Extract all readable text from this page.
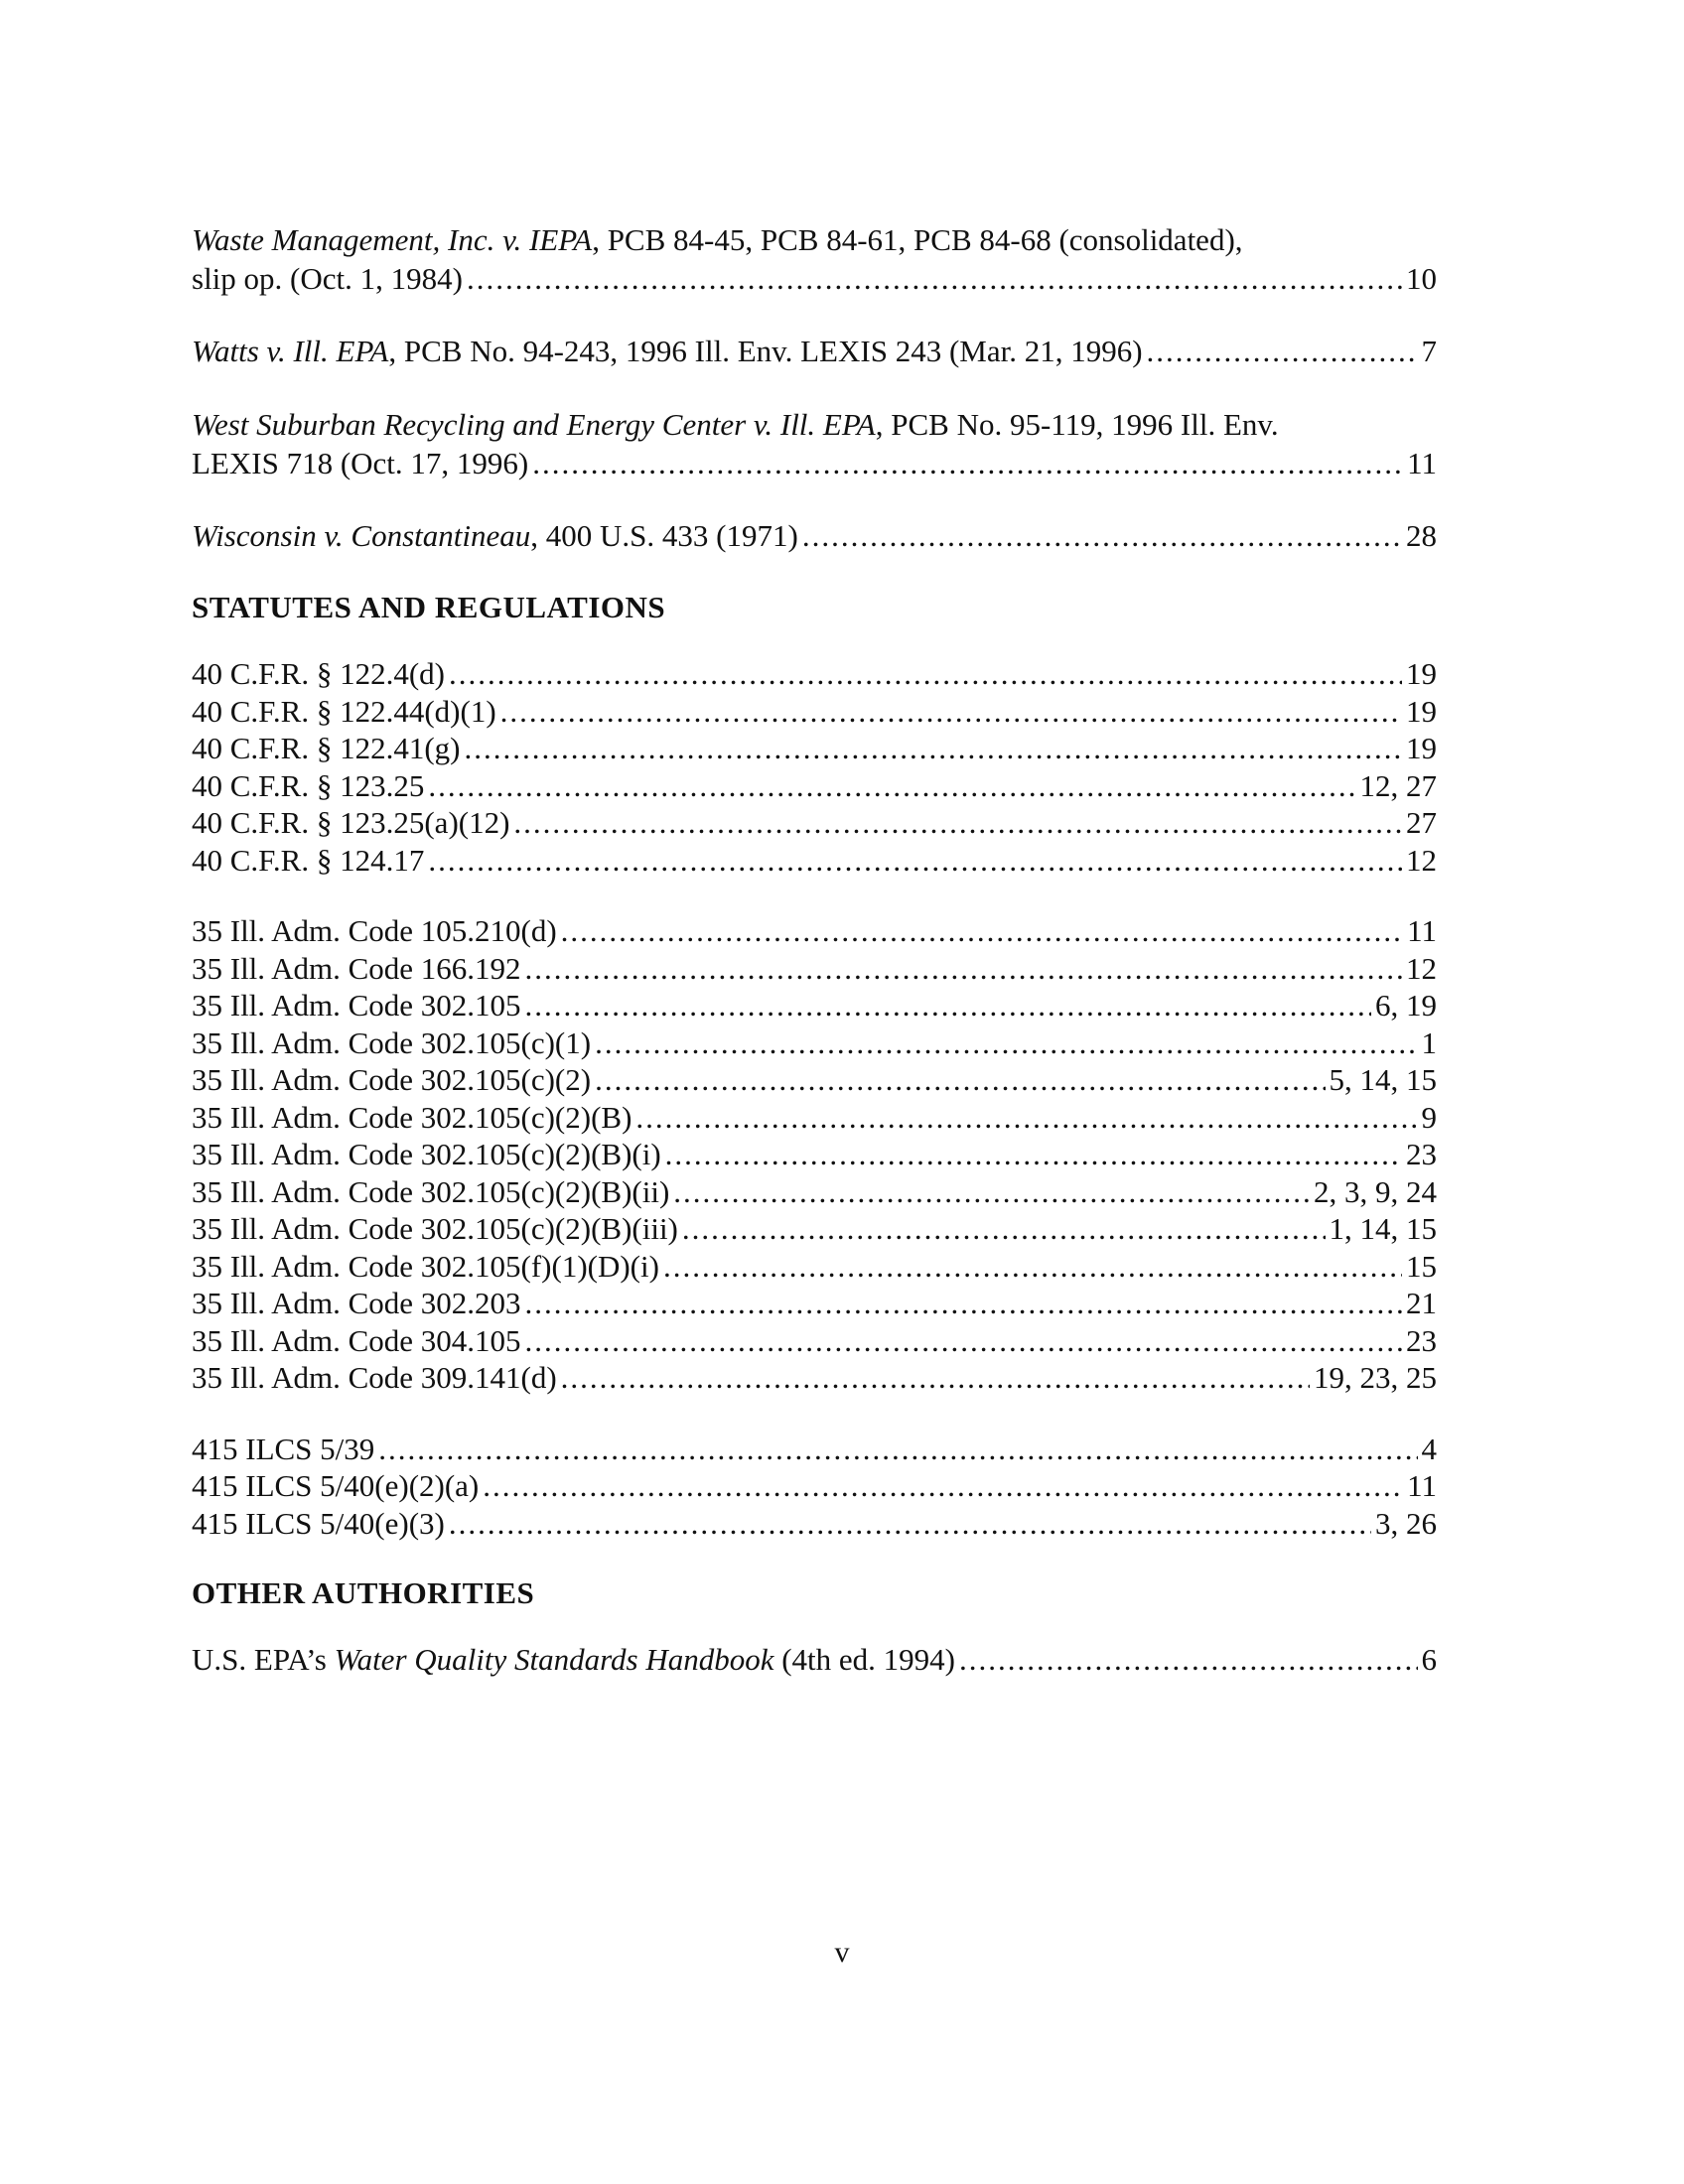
Waste Management, Inc. v. IEPA, PCB 84-45, PCB 84-61, PCB 84-68 (consolidated),
slip op. (Oct. 1, 1984) .....	10
Watts v. Ill. EPA, PCB No. 94-243, 1996 Ill. Env. LEXIS 243 (Mar. 21, 1996) .....	7
West Suburban Recycling and Energy Center v. Ill. EPA, PCB No. 95-119, 1996 Ill. Env.
LEXIS 718 (Oct. 17, 1996) .....	11
Wisconsin v. Constantineau, 400 U.S. 433 (1971) .....	28
STATUTES AND REGULATIONS
40 C.F.R. § 122.4(d) .....	19
40 C.F.R. § 122.44(d)(1) .....	19
40 C.F.R. § 122.41(g) .....	19
40 C.F.R. § 123.25 .....	12, 27
40 C.F.R. § 123.25(a)(12) .....	27
40 C.F.R. § 124.17 .....	12
35 Ill. Adm. Code 105.210(d) .....	11
35 Ill. Adm. Code 166.192 .....	12
35 Ill. Adm. Code 302.105 .....	6, 19
35 Ill. Adm. Code 302.105(c)(1) .....	1
35 Ill. Adm. Code 302.105(c)(2) .....	5, 14, 15
35 Ill. Adm. Code 302.105(c)(2)(B) .....	9
35 Ill. Adm. Code 302.105(c)(2)(B)(i) .....	23
35 Ill. Adm. Code 302.105(c)(2)(B)(ii) .....	2, 3, 9, 24
35 Ill. Adm. Code 302.105(c)(2)(B)(iii) .....	1, 14, 15
35 Ill. Adm. Code 302.105(f)(1)(D)(i) .....	15
35 Ill. Adm. Code 302.203 .....	21
35 Ill. Adm. Code 304.105 .....	23
35 Ill. Adm. Code 309.141(d) .....	19, 23, 25
415 ILCS 5/39 .....	4
415 ILCS 5/40(e)(2)(a) .....	11
415 ILCS 5/40(e)(3) .....	3, 26
OTHER AUTHORITIES
U.S. EPA’s Water Quality Standards Handbook (4th ed. 1994) .....	6
v
